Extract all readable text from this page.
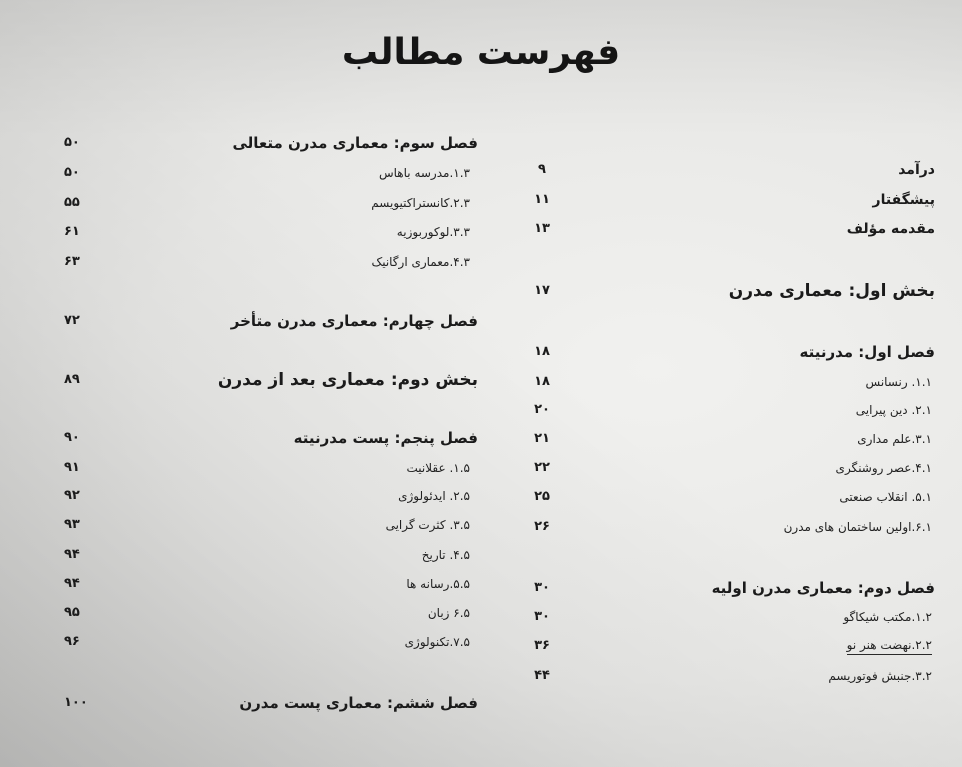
فهرست مطالب
درآمد
۹
پیشگفتار
۱۱
مقدمه مؤلف
۱۳
بخش اول: معماری مدرن
۱۷
فصل اول: مدرنیته
۱۸
۱.۱. رنسانس
۱۸
۲.۱. دین پیرایی
۲۰
۳.۱.علم مداری
۲۱
۴.۱.عصر روشنگری
۲۲
۵.۱. انقلاب صنعتی
۲۵
۶.۱.اولین ساختمان های مدرن
۲۶
فصل دوم: معماری مدرن اولیه
۳۰
۱.۲.مکتب شیکاگو
۳۰
۲.۲.نهضت هنر نو
۳۶
۳.۲.جنبش فوتوریسم
۴۴
فصل سوم: معماری مدرن متعالی
۵۰
۱.۳.مدرسه باهاس
۵۰
۲.۳.کانستراکتیویسم
۵۵
۳.۳.لوکوربوزیه
۶۱
۴.۳.معماری ارگانیک
۶۳
فصل چهارم: معماری مدرن متأخر
۷۲
بخش دوم: معماری بعد از مدرن
۸۹
فصل پنجم: پست مدرنیته
۹۰
۱.۵. عقلانیت
۹۱
۲.۵. ایدئولوژی
۹۲
۳.۵. کثرت گرایی
۹۳
۴.۵. تاریخ
۹۴
۵.۵.رسانه ها
۹۴
۶.۵ زبان
۹۵
۷.۵.تکنولوژی
۹۶
فصل ششم: معماری پست مدرن
۱۰۰
